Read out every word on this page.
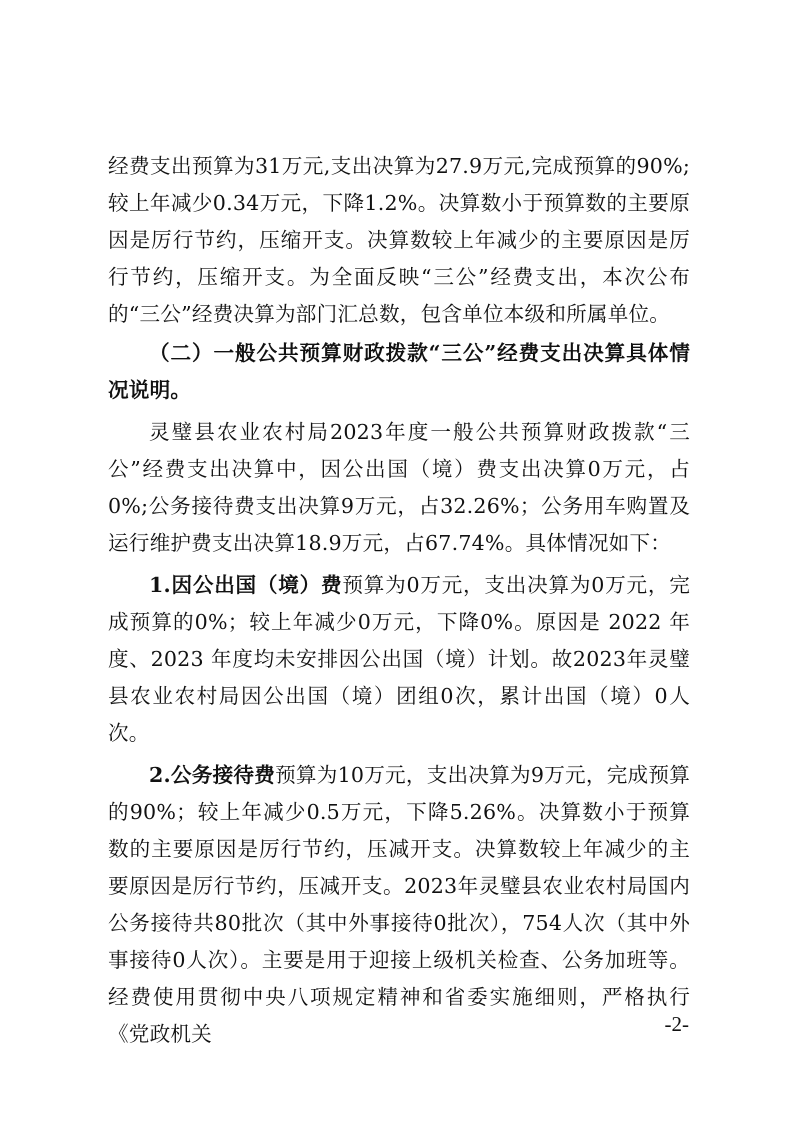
经费支出预算为31万元,支出决算为27.9万元,完成预算的90%;较上年减少0.34万元，下降1.2%。决算数小于预算数的主要原因是厉行节约，压缩开支。决算数较上年减少的主要原因是厉行节约，压缩开支。为全面反映“三公”经费支出，本次公布的“三公”经费决算为部门汇总数，包含单位本级和所属单位。

（二）一般公共预算财政拨款“三公”经费支出决算具体情况说明。

灵璧县农业农村局2023年度一般公共预算财政拨款“三公”经费支出决算中，因公出国（境）费支出决算0万元，占0%;公务接待费支出决算9万元，占32.26%；公务用车购置及运行维护费支出决算18.9万元，占67.74%。具体情况如下：

1.因公出国（境）费预算为0万元，支出决算为0万元，完成预算的0%；较上年减少0万元，下降0%。原因是 2022 年度、2023 年度均未安排因公出国（境）计划。故2023年灵璧县农业农村局因公出国（境）团组0次，累计出国（境）0人次。

2.公务接待费预算为10万元，支出决算为9万元，完成预算的90%；较上年减少0.5万元，下降5.26%。决算数小于预算数的主要原因是厉行节约，压减开支。决算数较上年减少的主要原因是厉行节约，压减开支。2023年灵璧县农业农村局国内公务接待共80批次（其中外事接待0批次），754人次（其中外事接待0人次）。主要是用于迎接上级机关检查、公务加班等。经费使用贯彻中央八项规定精神和省委实施细则，严格执行《党政机关	-2-
